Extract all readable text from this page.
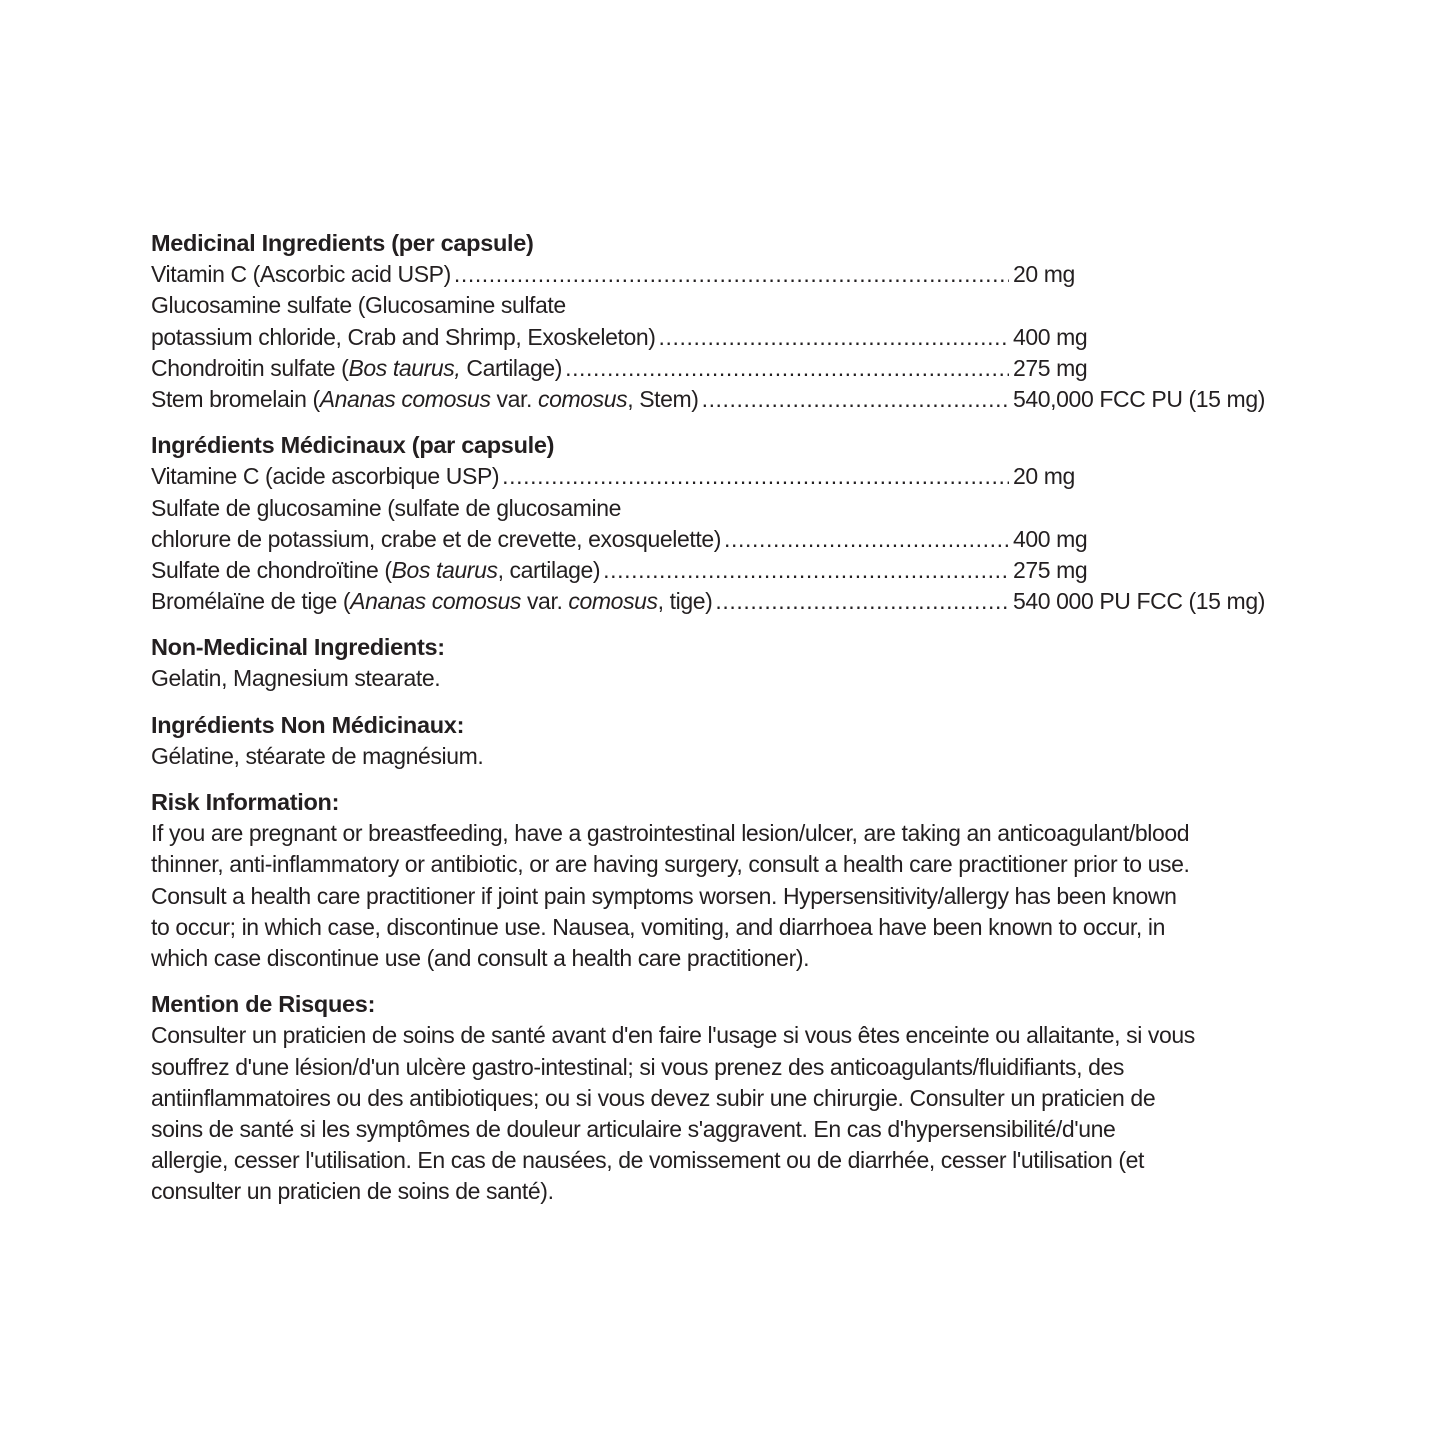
Medicinal Ingredients (per capsule)
Vitamin C (Ascorbic acid USP) .....	20 mg
Glucosamine sulfate (Glucosamine sulfate
potassium chloride, Crab and Shrimp, Exoskeleton) .....	400 mg
Chondroitin sulfate (Bos taurus, Cartilage) .....	275 mg
Stem bromelain (Ananas comosus var. comosus, Stem) .....	540,000 FCC PU (15 mg)
Ingrédients Médicinaux (par capsule)
Vitamine C (acide ascorbique USP) .....	20 mg
Sulfate de glucosamine (sulfate de glucosamine
chlorure de potassium, crabe et de crevette, exosquelette) .....	400 mg
Sulfate de chondroïtine (Bos taurus, cartilage) .....	275 mg
Bromélaïne de tige (Ananas comosus var. comosus, tige) .....	540 000 PU FCC (15 mg)
Non-Medicinal Ingredients:
Gelatin, Magnesium stearate.
Ingrédients Non Médicinaux:
Gélatine, stéarate de magnésium.
Risk Information:
If you are pregnant or breastfeeding, have a gastrointestinal lesion/ulcer, are taking an anticoagulant/blood
thinner, anti-inflammatory or antibiotic, or are having surgery, consult a health care practitioner prior to use.
Consult a health care practitioner if joint pain symptoms worsen. Hypersensitivity/allergy has been known
to occur; in which case, discontinue use. Nausea, vomiting, and diarrhoea have been known to occur, in
which case discontinue use (and consult a health care practitioner).
Mention de Risques:
Consulter un praticien de soins de santé avant d'en faire l'usage si vous êtes enceinte ou allaitante, si vous
souffrez d'une lésion/d'un ulcère gastro-intestinal; si vous prenez des anticoagulants/fluidifiants, des
antiinflammatoires ou des antibiotiques; ou si vous devez subir une chirurgie. Consulter un praticien de
soins de santé si les symptômes de douleur articulaire s'aggravent. En cas d'hypersensibilité/d'une
allergie, cesser l'utilisation. En cas de nausées, de vomissement ou de diarrhée, cesser l'utilisation (et
consulter un praticien de soins de santé).
